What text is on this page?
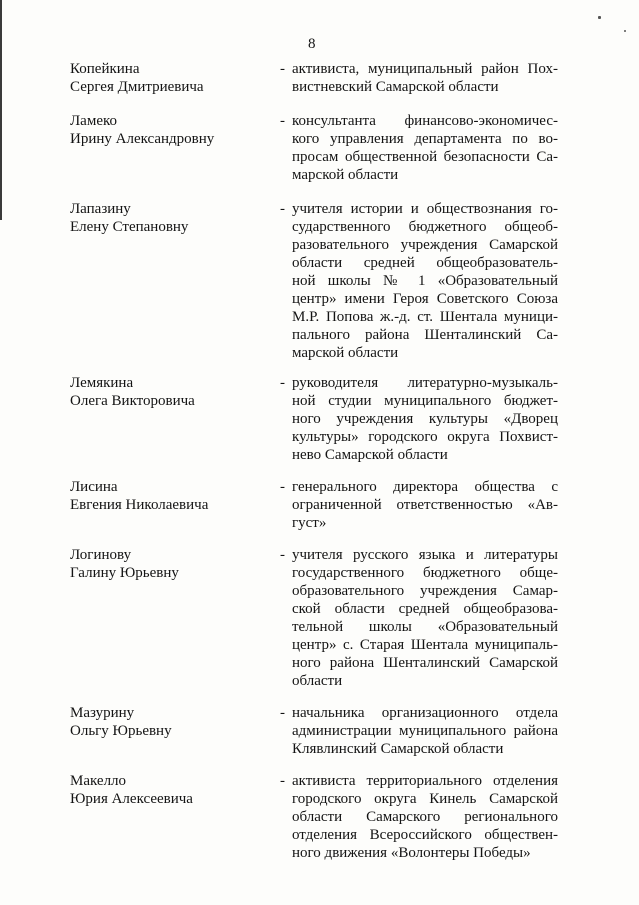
8
Копейкина
Сергея Дмитриевича
- активиста, муниципальный район Пох-
вистневский Самарской области
Ламеко
Ирину Александровну
- консультанта финансово-экономичес-
кого управления департамента по во-
просам общественной безопасности Са-
марской области
Лапазину
Елену Степановну
- учителя истории и обществознания го-
сударственного бюджетного общеоб-
разовательного учреждения Самарской
области средней общеобразователь-
ной школы № 1 «Образовательный
центр» имени Героя Советского Союза
М.Р. Попова ж.-д. ст. Шентала муници-
пального района Шенталинский Са-
марской области
Лемякина
Олега Викторовича
- руководителя литературно-музыкаль-
ной студии муниципального бюджет-
ного учреждения культуры «Дворец
культуры» городского округа Похвист-
нево Самарской области
Лисина
Евгения Николаевича
- генерального директора общества с
ограниченной ответственностью «Ав-
густ»
Логинову
Галину Юрьевну
- учителя русского языка и литературы
государственного бюджетного обще-
образовательного учреждения Самар-
ской области средней общеобразова-
тельной школы «Образовательный
центр» с. Старая Шентала муниципаль-
ного района Шенталинский Самарской
области
Мазурину
Ольгу Юрьевну
- начальника организационного отдела
администрации муниципального района
Клявлинский Самарской области
Макелло
Юрия Алексеевича
- активиста территориального отделения
городского округа Кинель Самарской
области Самарского регионального
отделения Всероссийского обществен-
ного движения «Волонтеры Победы»
